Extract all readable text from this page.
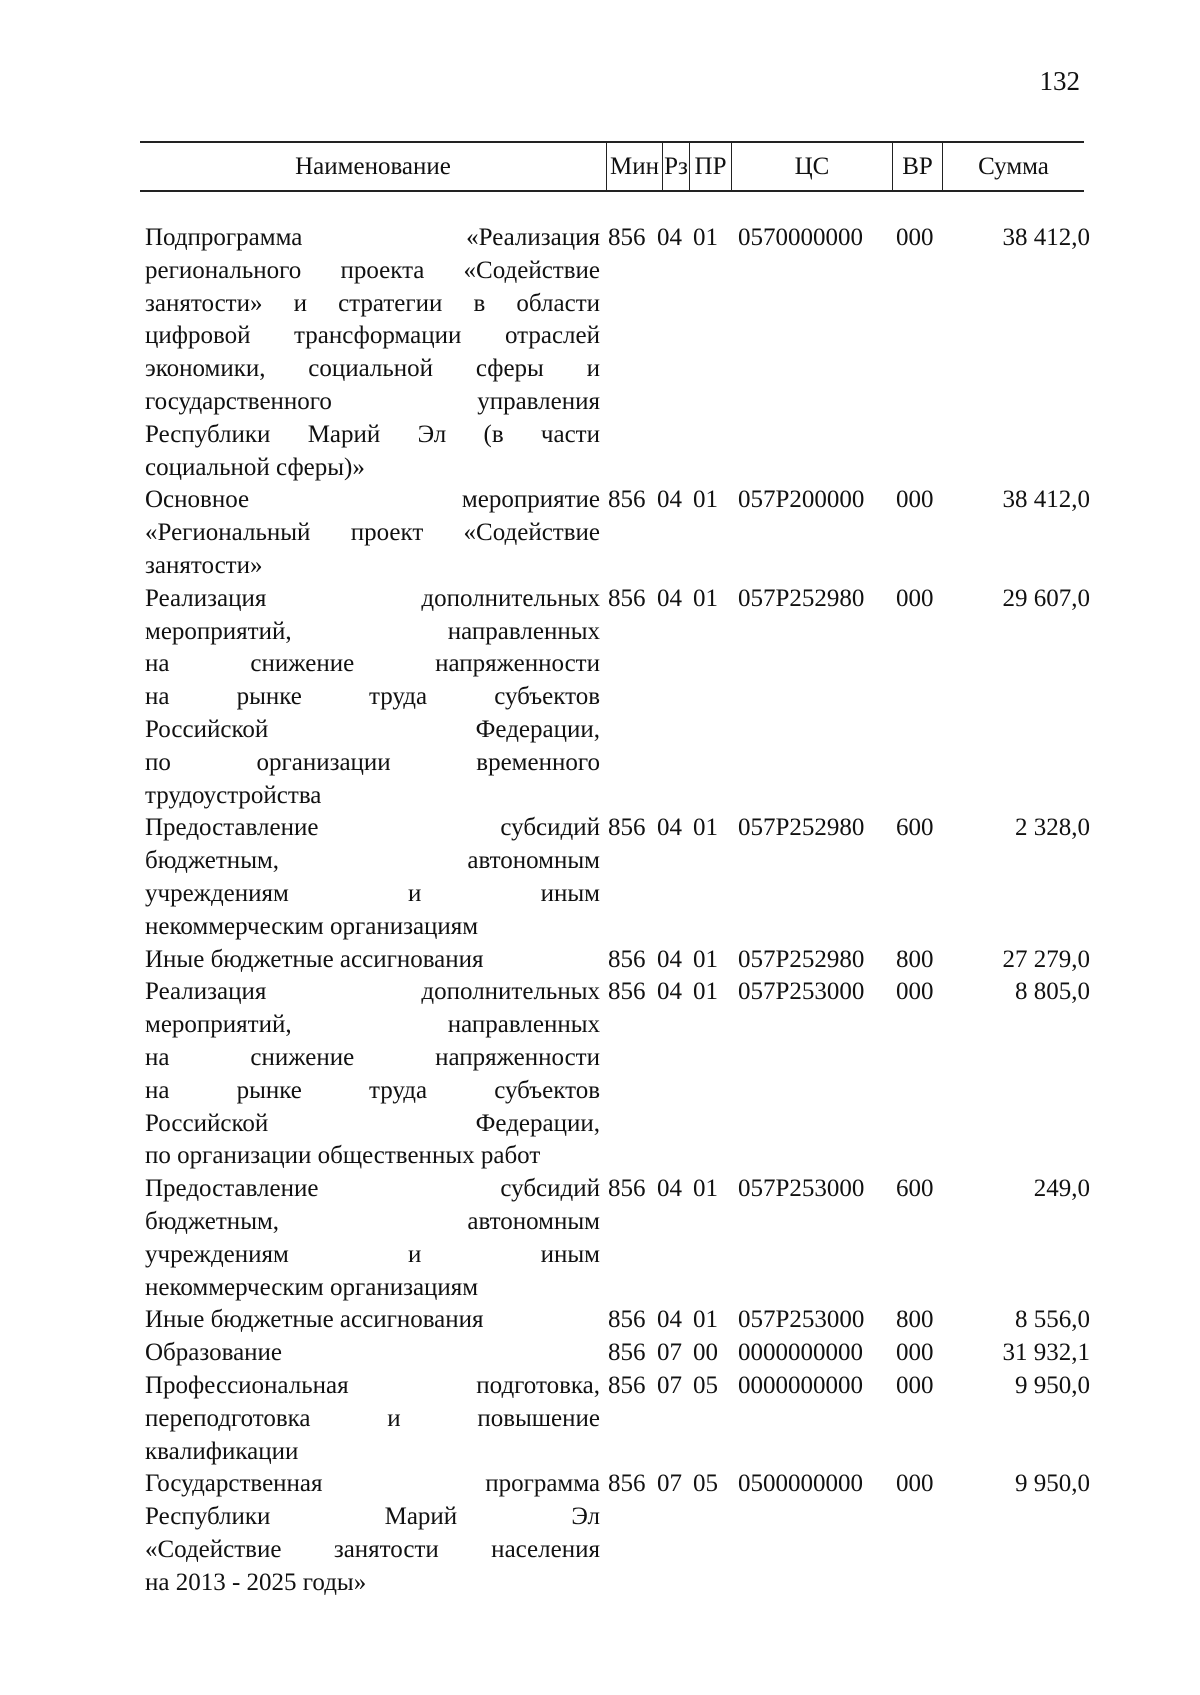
132
Наименование	Мин Рз ПР	ЦС	ВР	Сумма
Подпрограмма «Реализация
регионального проекта «Содействие
занятости» и стратегии в области
цифровой трансформации отраслей
экономики, социальной сферы и
государственного управления
Республики Марий Эл (в части
социальной сферы)»
856 04 01 0570000000 000	38 412,0
Основное мероприятие
«Региональный проект «Содействие
занятости»
856 04 01 057P200000 000	38 412,0
Реализация дополнительных
мероприятий, направленных
на снижение напряженности
на рынке труда субъектов
Российской Федерации,
по организации временного
трудоустройства
856 04 01 057P252980 000	29 607,0
Предоставление субсидий
бюджетным, автономным
учреждениям и иным
некоммерческим организациям
856 04 01 057P252980 600	2 328,0
Иные бюджетные ассигнования	856 04 01 057P252980 800	27 279,0
Реализация дополнительных
мероприятий, направленных
на снижение напряженности
на рынке труда субъектов
Российской Федерации,
по организации общественных работ
856 04 01 057P253000 000	8 805,0
Предоставление субсидий
бюджетным, автономным
учреждениям и иным
некоммерческим организациям
856 04 01 057P253000 600	249,0
Иные бюджетные ассигнования	856 04 01 057P253000 800	8 556,0
Образование	856 07 00 0000000000 000	31 932,1
Профессиональная подготовка,
переподготовка и повышение
квалификации
856 07 05 0000000000 000	9 950,0
Государственная программа
Республики Марий Эл
«Содействие занятости населения
на 2013 - 2025 годы»
856 07 05 0500000000 000	9 950,0
